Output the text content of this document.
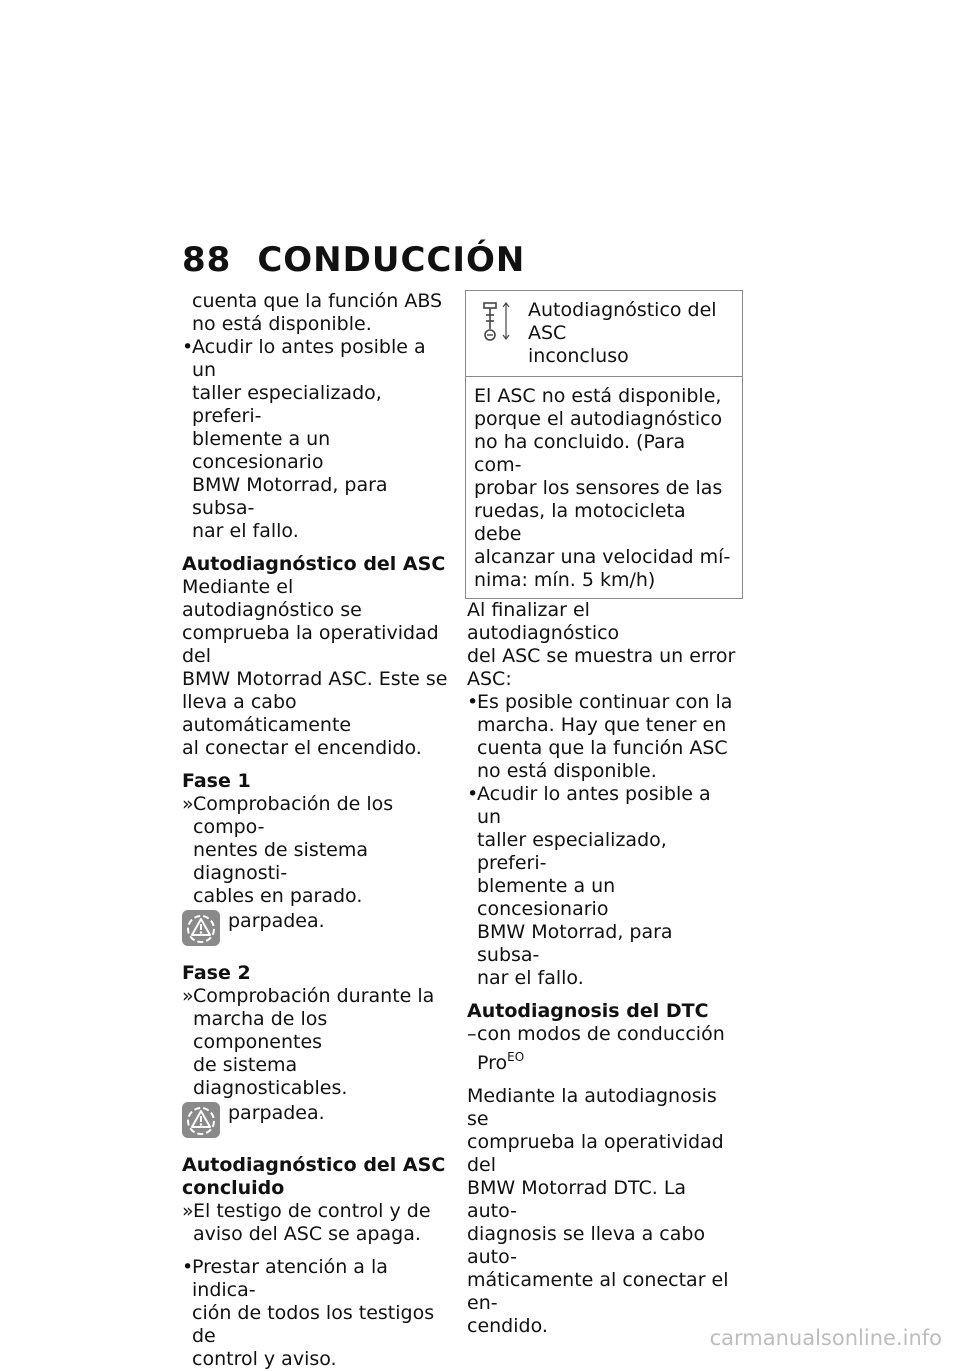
88 CONDUCCIÓN

cuenta que la función ABS

no está disponible.

•

Acudir lo antes posible a un

taller especializado, preferi-

blemente a un concesionario

BMW Motorrad, para subsa-

nar el fallo.

Autodiagnóstico del ASC

Mediante el autodiagnóstico se

comprueba la operatividad del

BMW Motorrad ASC. Este se

lleva a cabo automáticamente

al conectar el encendido.

Fase 1

» Comprobación de los compo-

nentes de sistema diagnosti-

cables en parado.

parpadea.

Fase 2

» Comprobación durante la

marcha de los componentes

de sistema diagnosticables.

parpadea.

Autodiagnóstico del ASC

concluido

» El testigo de control y de

aviso del ASC se apaga.

•

Prestar atención a la indica-

ción de todos los testigos de

control y aviso.

Autodiagnóstico del ASC

inconcluso

El ASC no está disponible,

porque el autodiagnóstico

no ha concluido. (Para com-

probar los sensores de las

ruedas, la motocicleta debe

alcanzar una velocidad mí-

nima: mín. 5 km/h)

Al finalizar el autodiagnóstico

del ASC se muestra un error

ASC:

•

Es posible continuar con la

marcha. Hay que tener en

cuenta que la función ASC

no está disponible.

•

Acudir lo antes posible a un

taller especializado, preferi-

blemente a un concesionario

BMW Motorrad, para subsa-

nar el fallo.

Autodiagnosis del DTC

– con modos de conducción

Pro$^{EO}$

Mediante la autodiagnosis se

comprueba la operatividad del

BMW Motorrad DTC. La auto-

diagnosis se lleva a cabo auto-

máticamente al conectar el en-

cendido.	carmanualsonline.info
